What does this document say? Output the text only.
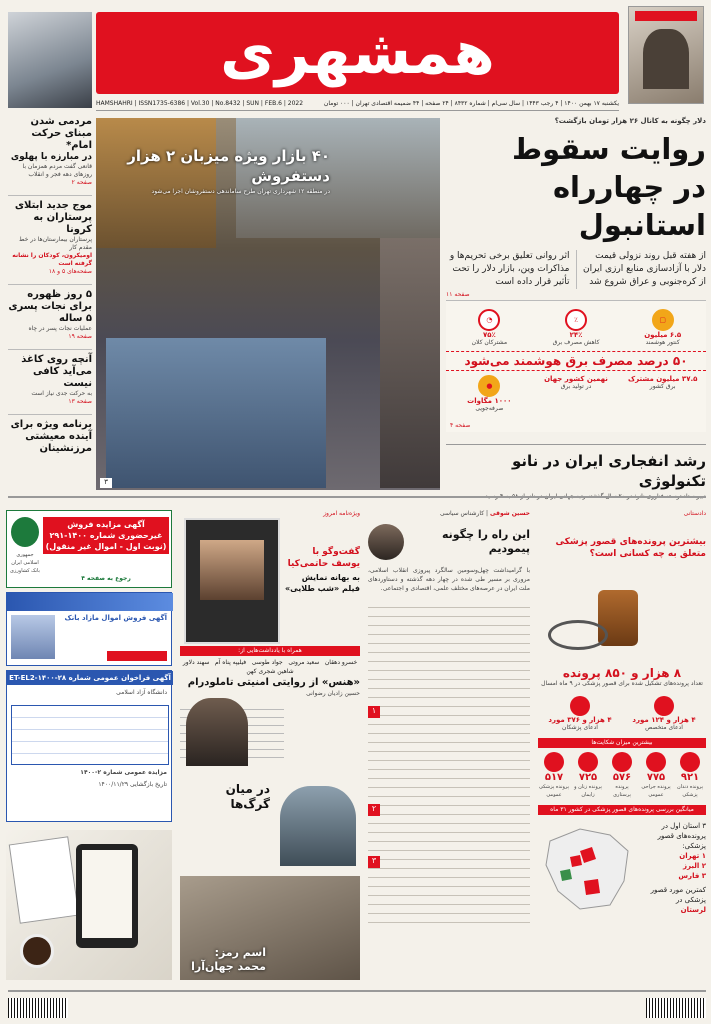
همشهری
یکشنبه ۱۷ بهمن ۱۴۰۰ | ۴ رجب ۱۴۴۳ | سال سی‌ام | شماره ۸۴۳۲ | ۲۴ صفحه | ۴۴ ضمیمه اقتصادی تهران | ۰۰۰ تومان
HAMSHAHRI | ISSN1735-6386 | Vol.30 | No.8432 | SUN | FEB.6 | 2022
مردمی شدن مبنای حرکت امام*
در مبارزه با پهلوی
قانعی گفت مردم همزمان با روزهای دهه فجر و انقلاب
صفحه ۲
موج جدید ابتلای پرستاران به کرونا
پرستاران بیمارستان‌ها در خط مقدم کار
اومیکرون، کودکان را نشانه گرفته است
صفحه‌های ۵ و ۱۸
۵ روز ظهوره برای نجات پسری ۵ ساله
عملیات نجات پسر در چاه
صفحه ۱۹
آنچه روی کاغذ می‌آید کافی نیست
به حرکت جدی نیاز است
صفحه ۱۳
برنامه ویژه برای آینده معیشتی مرزنشینان
۴۰ بازار ویژه میزبان ۲ هزار دستفروش
در منطقه ۱۲ شهرداری تهران طرح ساماندهی دستفروشان اجرا می‌شود
۳
دلار چگونه به کانال ۲۶ هزار تومان بازگشت؟
روایت سقوط
در چهارراه استانبول
از هفته قبل روند نزولی قیمت دلار با آزادسازی منابع ارزی ایران از کره‌جنوبی و عراق شروع شد
اثر روانی تعلیق برخی تحریم‌ها و مذاکرات وین، بازار دلار را تحت تأثیر قرار داده است
صفحه ۱۱
▢
۶.۵ میلیون
کنتور هوشمند
٪
۲۴٪
کاهش مصرف برق
◔
۷۵٪
مشترکان کلان
۵۰ درصد مصرف برق هوشمند می‌شود
۳۷.۵ میلیون مشترک
برق کشور
نهمین کشور جهان
در تولید برق
●
۱۰۰۰ مگاوات
صرفه‌جویی
صفحه ۴
رشد انفجاری ایران در نانو تکنولوژی
آگهی مزایده فروش غیرحضوری شماره ۱۴۰۰-۲۹۱ (نوبت اول - اموال غیر منقول)
جمهوری اسلامی ایران بانک کشاورزی
رجوع به صفحه ۴
آگهی فروش اموال مازاد بانک
آگهی فراخوان عمومی شماره ۲۸-ET-EL2-۱۴۰۰
دانشگاه آزاد اسلامی
مزایده عمومی شماره ۲-۱۴۰۰
تاریخ بازگشایی ۱۴۰۰/۱۱/۲۹
ویژه‌نامه امروز
گفت‌وگو با یوسف حاتمی‌کیا
به بهانه نمایش فیلم «شب طلایی»
همراه با یادداشت‌هایی از:
خسرو دهقان
سعید مروتی
جواد طوسی
فیلیپه پناه آم
سهند دلاور
شاهین شجری کهن
«هنس» از روایتی امنیتی تاملودرام
حسین زادیان رضوانی
در میان گرگ‌ها
اسم رمز: محمد جهان‌آرا
حسین شوقی | کارشناس سیاسی
این راه را چگونه پیمودیم
با گرامیداشت چهل‌وسومین سالگرد پیروزی انقلاب اسلامی، مروری بر مسیر طی شده در چهار دهه گذشته و دستاوردهای ملت ایران در عرصه‌های مختلف علمی، اقتصادی و اجتماعی.
۱
۲
۳
دادستانی
بیشترین پرونده‌های قصور پزشکی متعلق به چه کسانی است؟
۸ هزار و ۸۵۰ پرونده
تعداد پرونده‌های تشکیل شده برای قصور پزشکی در ۹ ماه امسال
۴ هزار و ۱۲۴ مورد
ادعای متخصص
۴ هزار و ۳۷۶ مورد
ادعای پزشکان
بیشترین میزان شکایت‌ها
۹۲۱
پرونده دندان پزشکی
۷۷۵
پرونده جراحی عمومی
۵۷۶
پرونده پرستاری
۷۲۵
پرونده زنان و زایمان
۵۱۷
پرونده پزشکی عمومی
میانگین بررسی پرونده‌های قصور پزشکی در کشور ۳۱ ماه
۳ استان اول در پرونده‌های قصور پزشکی:
۱ تهران
۲ البرز
۳ فارس
کمترین مورد قصور پزشکی در
لرستان
